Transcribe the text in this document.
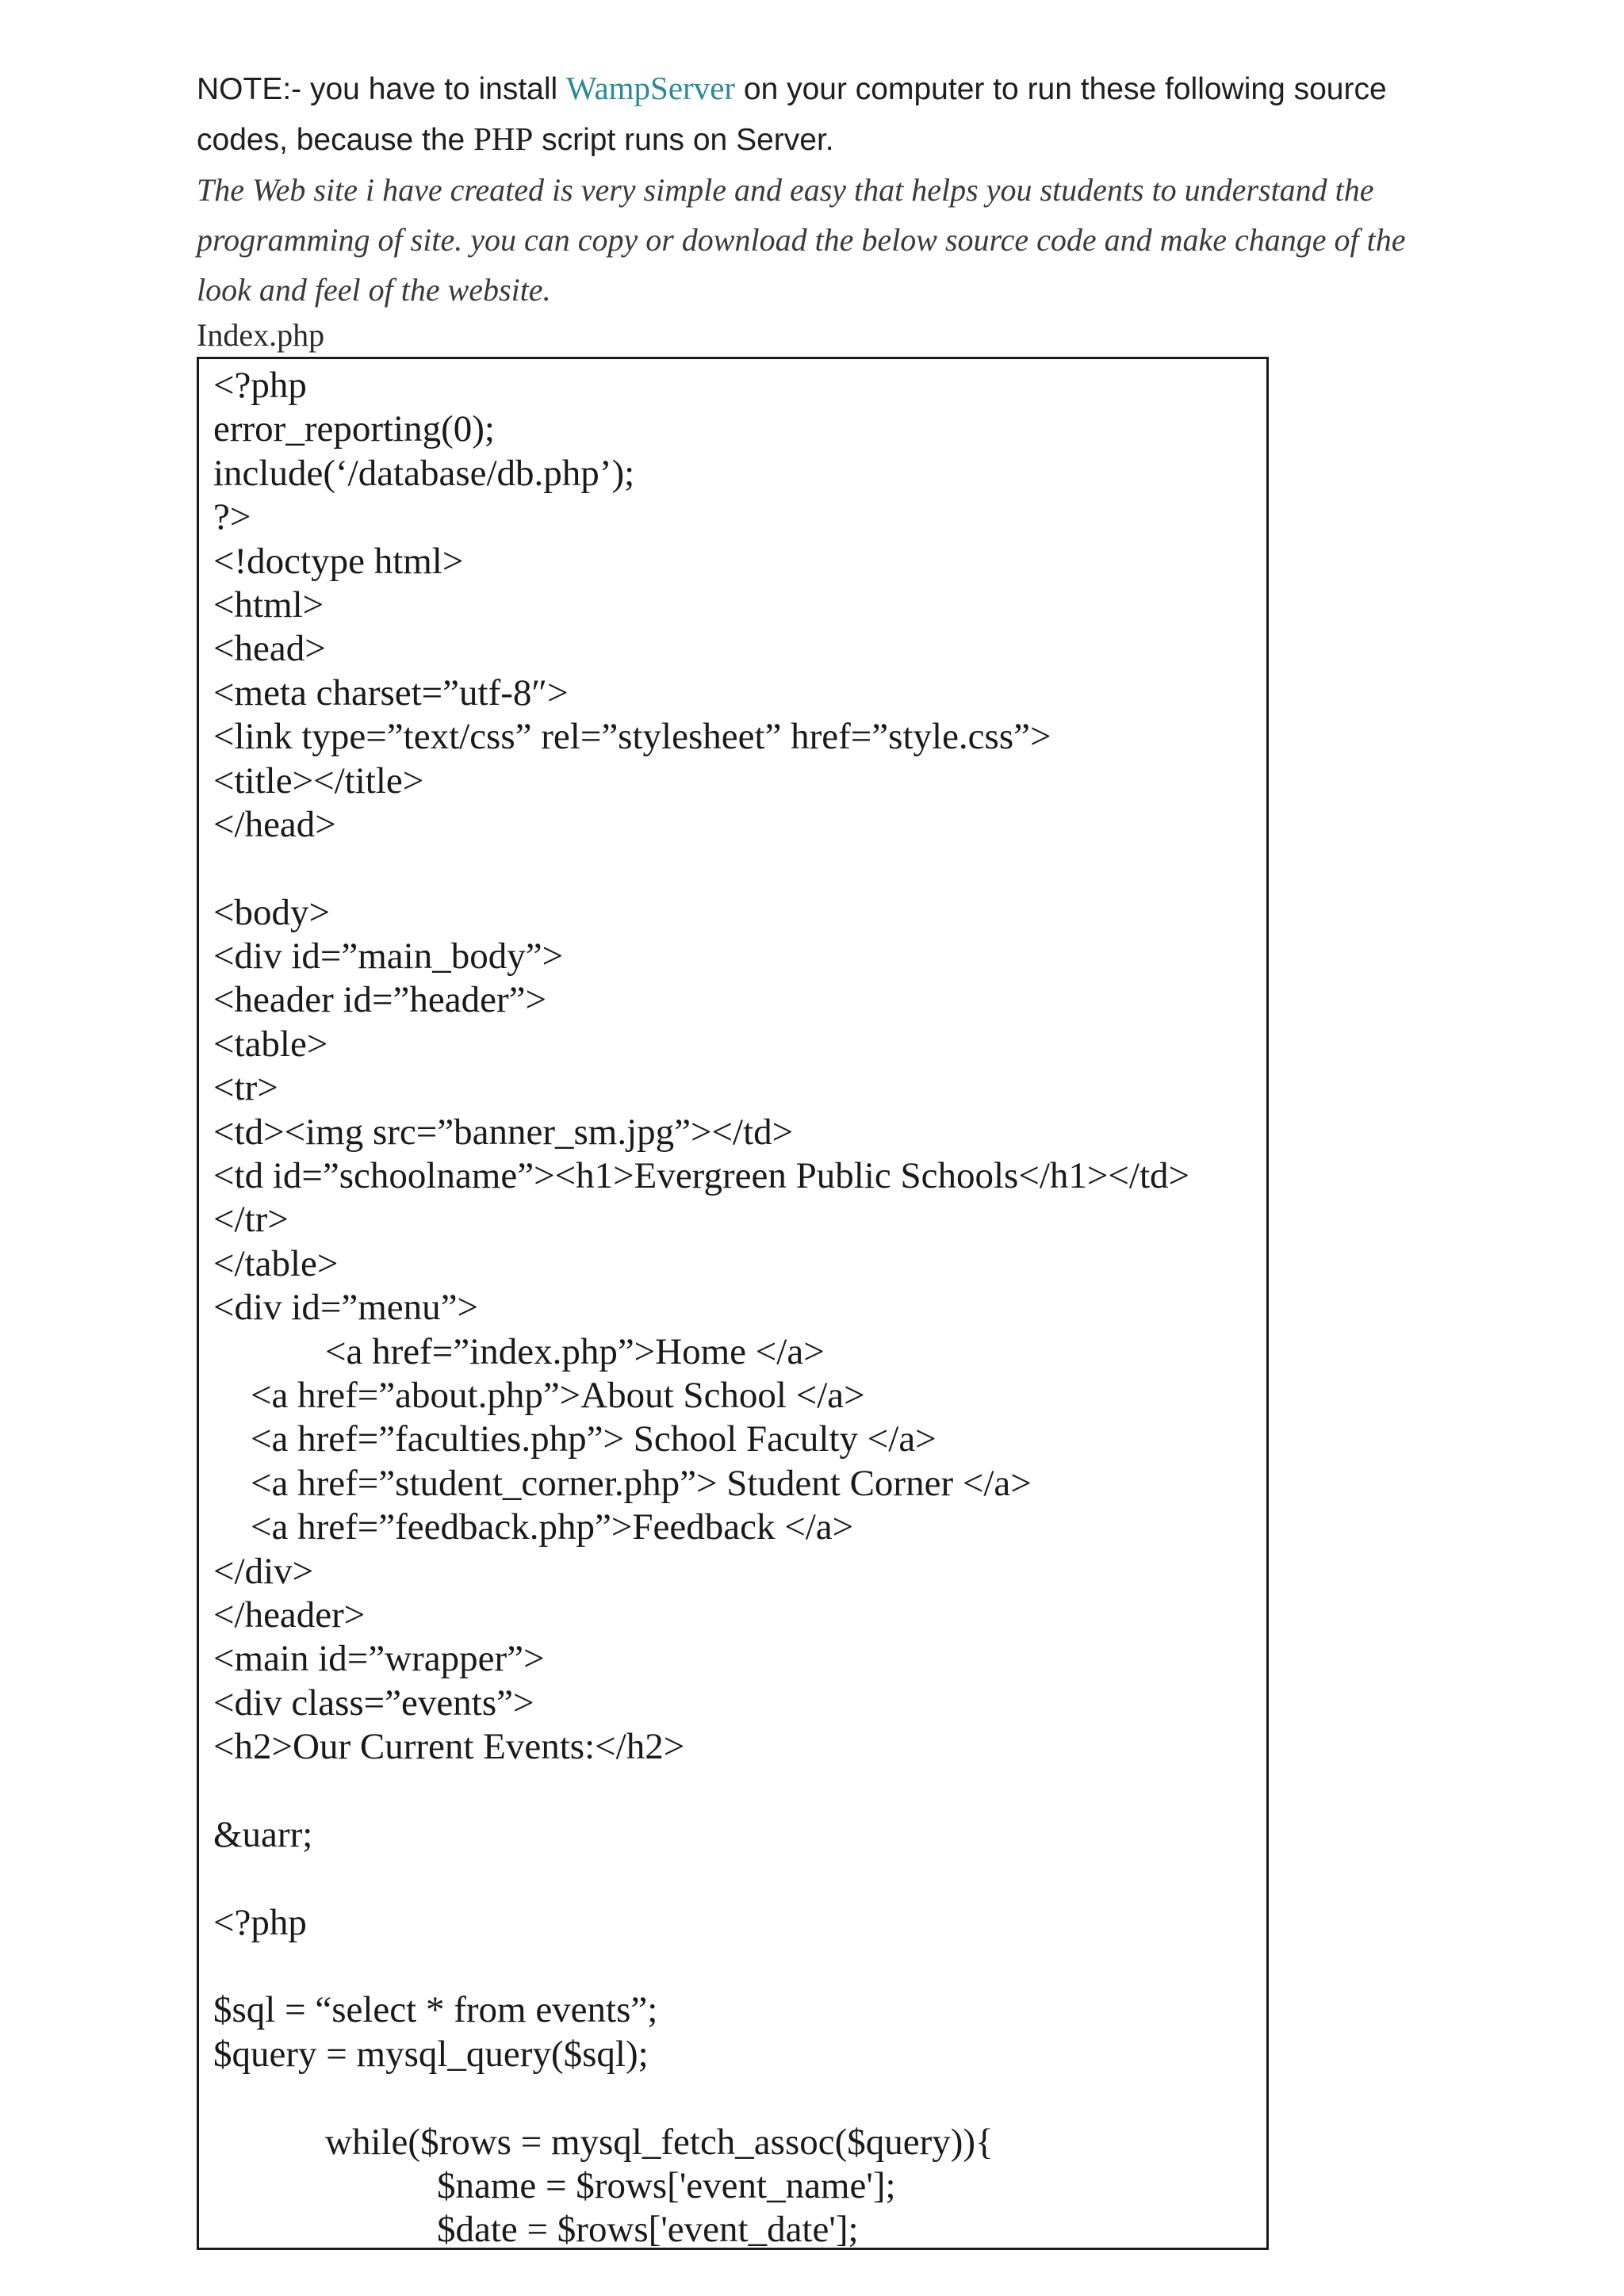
NOTE:- you have to install WampServer on your computer to run these following source codes, because the PHP script runs on Server.

The Web site i have created is very simple and easy that helps you students to understand the programming of site. you can copy or download the below source code and make change of the look and feel of the website.

Index.php

<?php
error_reporting(0);
include(‘/database/db.php’);
?>
<!doctype html>
<html>
<head>
<meta charset=”utf-8″>
<link type=”text/css” rel=”stylesheet” href=”style.css”>
<title></title>
</head>
<body>
<div id=”main_body”>
<header id=”header”>
<table>
<tr>
<td><img src=”banner_sm.jpg”></td>
<td id=”schoolname”><h1>Evergreen Public Schools</h1></td>
</tr>
</table>
<div id=”menu”>
<a href=”index.php”>Home </a>
<a href=”about.php”>About School </a>
<a href=”faculties.php”> School Faculty </a>
<a href=”student_corner.php”> Student Corner </a>
<a href=”feedback.php”>Feedback </a>
</div>
</header>
<main id=”wrapper”>
<div class=”events”>
<h2>Our Current Events:</h2>
&uarr;
<?php
$sql = “select * from events”;
$query = mysql_query($sql);
while($rows = mysql_fetch_assoc($query)){
$name = $rows['event_name'];
$date = $rows['event_date'];
